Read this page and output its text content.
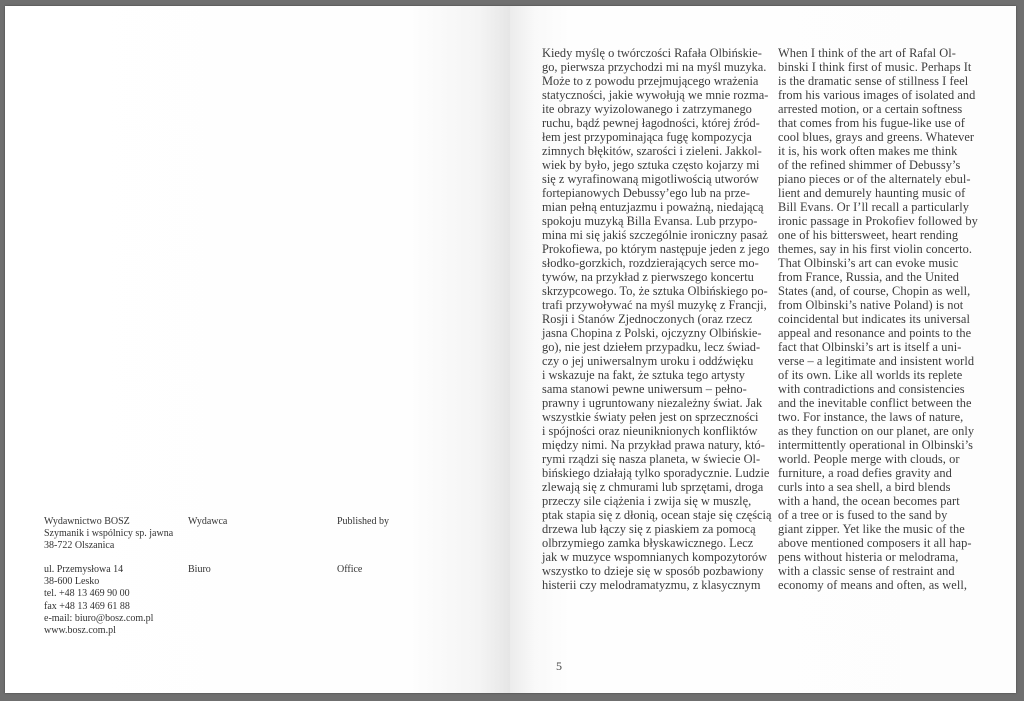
Wydawnictwo BOSZ
Szymanik i wspólnicy sp. jawna
38-722 Olszanica
ul. Przemysłowa 14
38-600 Lesko
tel. +48 13 469 90 00
fax +48 13 469 61 88
e-mail: biuro@bosz.com.pl
www.bosz.com.pl
Wydawca	Published by
Biuro	Office
Kiedy myślę o twórczości Rafała Olbińskie-
go, pierwsza przychodzi mi na myśl muzyka.
Może to z powodu przejmującego wrażenia
statyczności, jakie wywołują we mnie rozma-
ite obrazy wyizolowanego i zatrzymanego
ruchu, bądź pewnej łagodności, której źród-
łem jest przypominająca fugę kompozycja
zimnych błękitów, szarości i zieleni. Jakkol-
wiek by było, jego sztuka często kojarzy mi
się z wyrafinowaną migotliwością utworów
fortepianowych Debussy’ego lub na prze-
mian pełną entuzjazmu i poważną, niedającą
spokoju muzyką Billa Evansa. Lub przypo-
mina mi się jakiś szczególnie ironiczny pasaż
Prokofiewa, po którym następuje jeden z jego
słodko-gorzkich, rozdzierających serce mo-
tywów, na przykład z pierwszego koncertu
skrzypcowego. To, że sztuka Olbińskiego po-
trafi przywoływać na myśl muzykę z Francji,
Rosji i Stanów Zjednoczonych (oraz rzecz
jasna Chopina z Polski, ojczyzny Olbińskie-
go), nie jest dziełem przypadku, lecz świad-
czy o jej uniwersalnym uroku i oddźwięku
i wskazuje na fakt, że sztuka tego artysty
sama stanowi pewne uniwersum – pełno-
prawny i ugruntowany niezależny świat. Jak
wszystkie światy pełen jest on sprzeczności
i spójności oraz nieuniknionych konfliktów
między nimi. Na przykład prawa natury, któ-
rymi rządzi się nasza planeta, w świecie Ol-
bińskiego działają tylko sporadycznie. Ludzie
zlewają się z chmurami lub sprzętami, droga
przeczy sile ciążenia i zwija się w muszlę,
ptak stapia się z dłonią, ocean staje się częścią
drzewa lub łączy się z piaskiem za pomocą
olbrzymiego zamka błyskawicznego. Lecz
jak w muzyce wspomnianych kompozytorów
wszystko to dzieje się w sposób pozbawiony
histerii czy melodramatyzmu, z klasycznym
When I think of the art of Rafal Ol-
binski I think first of music. Perhaps It
is the dramatic sense of stillness I feel
from his various images of isolated and
arrested motion, or a certain softness
that comes from his fugue-like use of
cool blues, grays and greens. Whatever
it is, his work often makes me think
of the refined shimmer of Debussy’s
piano pieces or of the alternately ebul-
lient and demurely haunting music of
Bill Evans. Or I’ll recall a particularly
ironic passage in Prokofiev followed by
one of his bittersweet, heart rending
themes, say in his first violin concerto.
That Olbinski’s art can evoke music
from France, Russia, and the United
States (and, of course, Chopin as well,
from Olbinski’s native Poland) is not
coincidental but indicates its universal
appeal and resonance and points to the
fact that Olbinski’s art is itself a uni-
verse – a legitimate and insistent world
of its own. Like all worlds its replete
with contradictions and consistencies
and the inevitable conflict between the
two. For instance, the laws of nature,
as they function on our planet, are only
intermittently operational in Olbinski’s
world. People merge with clouds, or
furniture, a road defies gravity and
curls into a sea shell, a bird blends
with a hand, the ocean becomes part
of a tree or is fused to the sand by
giant zipper. Yet like the music of the
above mentioned composers it all hap-
pens without histeria or melodrama,
with a classic sense of restraint and
economy of means and often, as well,
5
